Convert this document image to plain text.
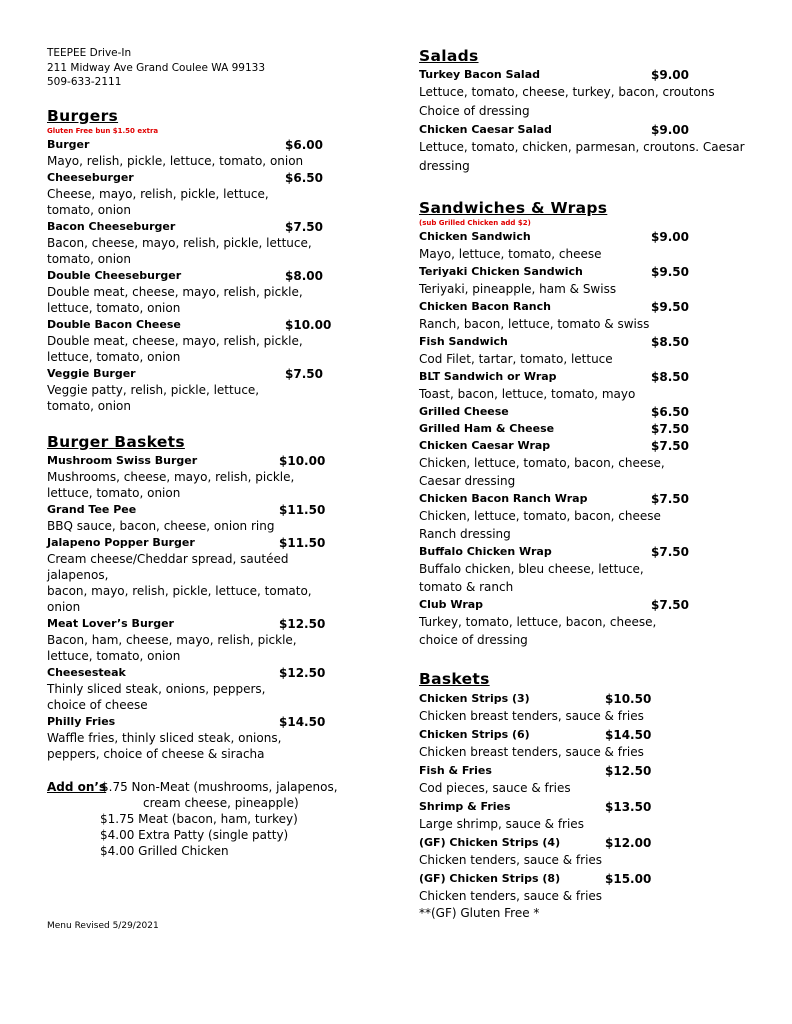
TEEPEE Drive-In
211 Midway Ave Grand Coulee WA 99133
509-633-2111
Burgers
Gluten Free bun $1.50 extra
Burger	$6.00
Mayo, relish, pickle, lettuce, tomato, onion
Cheeseburger	$6.50
Cheese, mayo, relish, pickle, lettuce,
tomato, onion
Bacon Cheeseburger	$7.50
Bacon, cheese, mayo, relish, pickle, lettuce,
tomato, onion
Double Cheeseburger	$8.00
Double meat, cheese, mayo, relish, pickle,
lettuce, tomato, onion
Double Bacon Cheese	$10.00
Double meat, cheese, mayo, relish, pickle,
lettuce, tomato, onion
Veggie Burger	$7.50
Veggie patty, relish, pickle, lettuce,
tomato, onion
Burger Baskets
Mushroom Swiss Burger	$10.00
Mushrooms, cheese, mayo, relish, pickle,
lettuce, tomato, onion
Grand Tee Pee	$11.50
BBQ sauce, bacon, cheese, onion ring
Jalapeno Popper Burger	$11.50
Cream cheese/Cheddar spread, sautéed jalapenos,
bacon, mayo, relish, pickle, lettuce, tomato, onion
Meat Lover’s Burger	$12.50
Bacon, ham, cheese, mayo, relish, pickle,
lettuce, tomato, onion
Cheesesteak	$12.50
Thinly sliced steak, onions, peppers,
choice of cheese
Philly Fries	$14.50
Waffle fries, thinly sliced steak, onions,
peppers, choice of cheese & siracha
Add on’s
$.75 Non-Meat (mushrooms, jalapenos,
cream cheese, pineapple)
$1.75 Meat (bacon, ham, turkey)
$4.00 Extra Patty (single patty)
$4.00 Grilled Chicken
Menu Revised 5/29/2021
Salads
Turkey Bacon Salad	$9.00
Lettuce, tomato, cheese, turkey, bacon, croutons
Choice of dressing
Chicken Caesar Salad	$9.00
Lettuce, tomato, chicken, parmesan, croutons. Caesar
dressing
Sandwiches & Wraps
(sub Grilled Chicken add $2)
Chicken Sandwich	$9.00
Mayo, lettuce, tomato, cheese
Teriyaki Chicken Sandwich	$9.50
Teriyaki, pineapple, ham & Swiss
Chicken Bacon Ranch	$9.50
Ranch, bacon, lettuce, tomato & swiss
Fish Sandwich	$8.50
Cod Filet, tartar, tomato, lettuce
BLT Sandwich or Wrap	$8.50
Toast, bacon, lettuce, tomato, mayo
Grilled Cheese	$6.50
Grilled Ham & Cheese	$7.50
Chicken Caesar Wrap	$7.50
Chicken, lettuce, tomato, bacon, cheese,
Caesar dressing
Chicken Bacon Ranch Wrap	$7.50
Chicken, lettuce, tomato, bacon, cheese
Ranch dressing
Buffalo Chicken Wrap	$7.50
Buffalo chicken, bleu cheese, lettuce,
tomato & ranch
Club Wrap	$7.50
Turkey, tomato, lettuce, bacon, cheese,
choice of dressing
Baskets
Chicken Strips (3)	$10.50
Chicken breast tenders, sauce & fries
Chicken Strips (6)	$14.50
Chicken breast tenders, sauce & fries
Fish & Fries	$12.50
Cod pieces, sauce & fries
Shrimp & Fries	$13.50
Large shrimp, sauce & fries
(GF) Chicken Strips (4)	$12.00
Chicken tenders, sauce & fries
(GF) Chicken Strips (8)	$15.00
Chicken tenders, sauce & fries
**(GF) Gluten Free *
